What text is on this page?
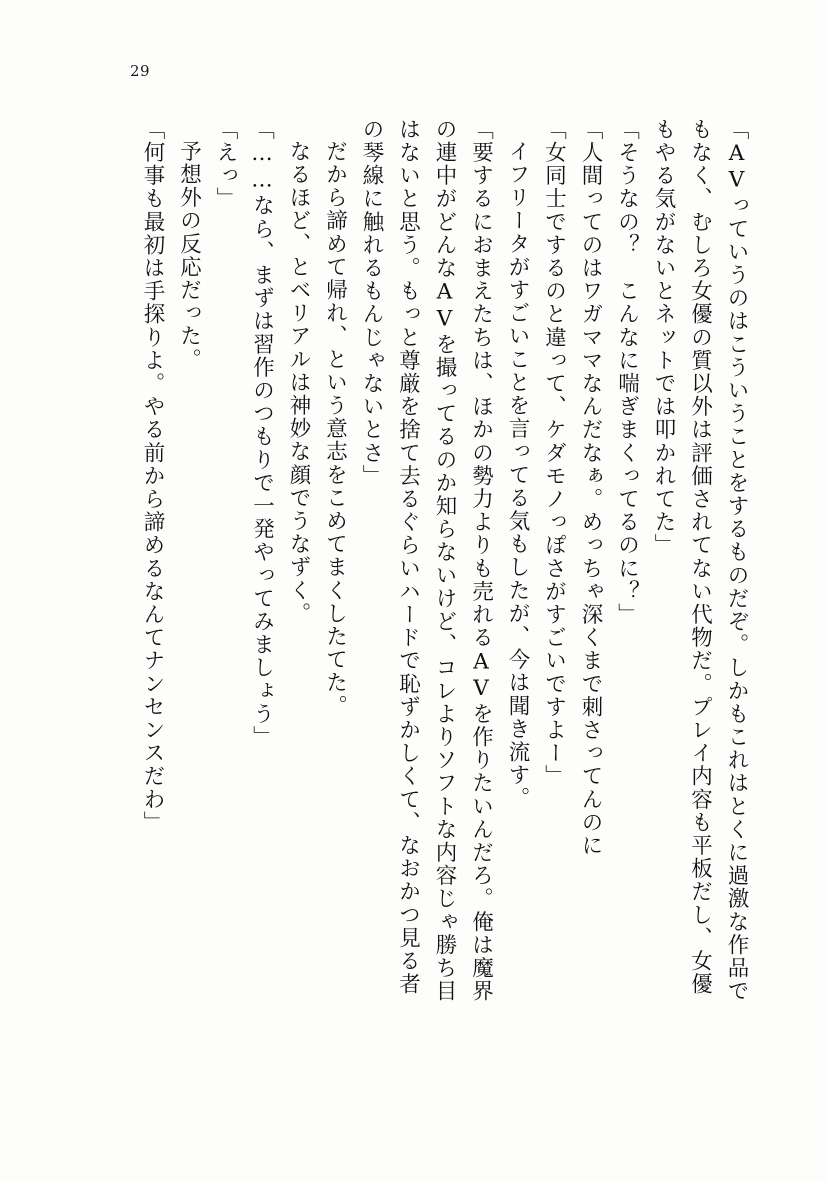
29
「AVっていうのはこういうことをするものだぞ。しかもこれはとくに過激な作品で
もなく、むしろ女優の質以外は評価されてない代物だ。プレイ内容も平板だし、女優
もやる気がないとネットでは叩かれてた」
「そうなの？　こんなに喘ぎまくってるのに？」
「人間ってのはワガママなんだなぁ。めっちゃ深くまで刺さってんのに
「女同士でするのと違って、ケダモノっぽさがすごいですよー」
イフリータがすごいことを言ってる気もしたが、今は聞き流す。
「要するにおまえたちは、ほかの勢力よりも売れるAVを作りたいんだろ。俺は魔界
の連中がどんなAVを撮ってるのか知らないけど、コレよりソフトな内容じゃ勝ち目
はないと思う。もっと尊厳を捨て去るぐらいハードで恥ずかしくて、なおかつ見る者
の琴線に触れるもんじゃないとさ」
だから諦めて帰れ、という意志をこめてまくしたてた。
なるほど、とベリアルは神妙な顔でうなずく。
「……なら、まずは習作のつもりで一発やってみましょう」
「えっ」
予想外の反応だった。
「何事も最初は手探りよ。やる前から諦めるなんてナンセンスだわ」
